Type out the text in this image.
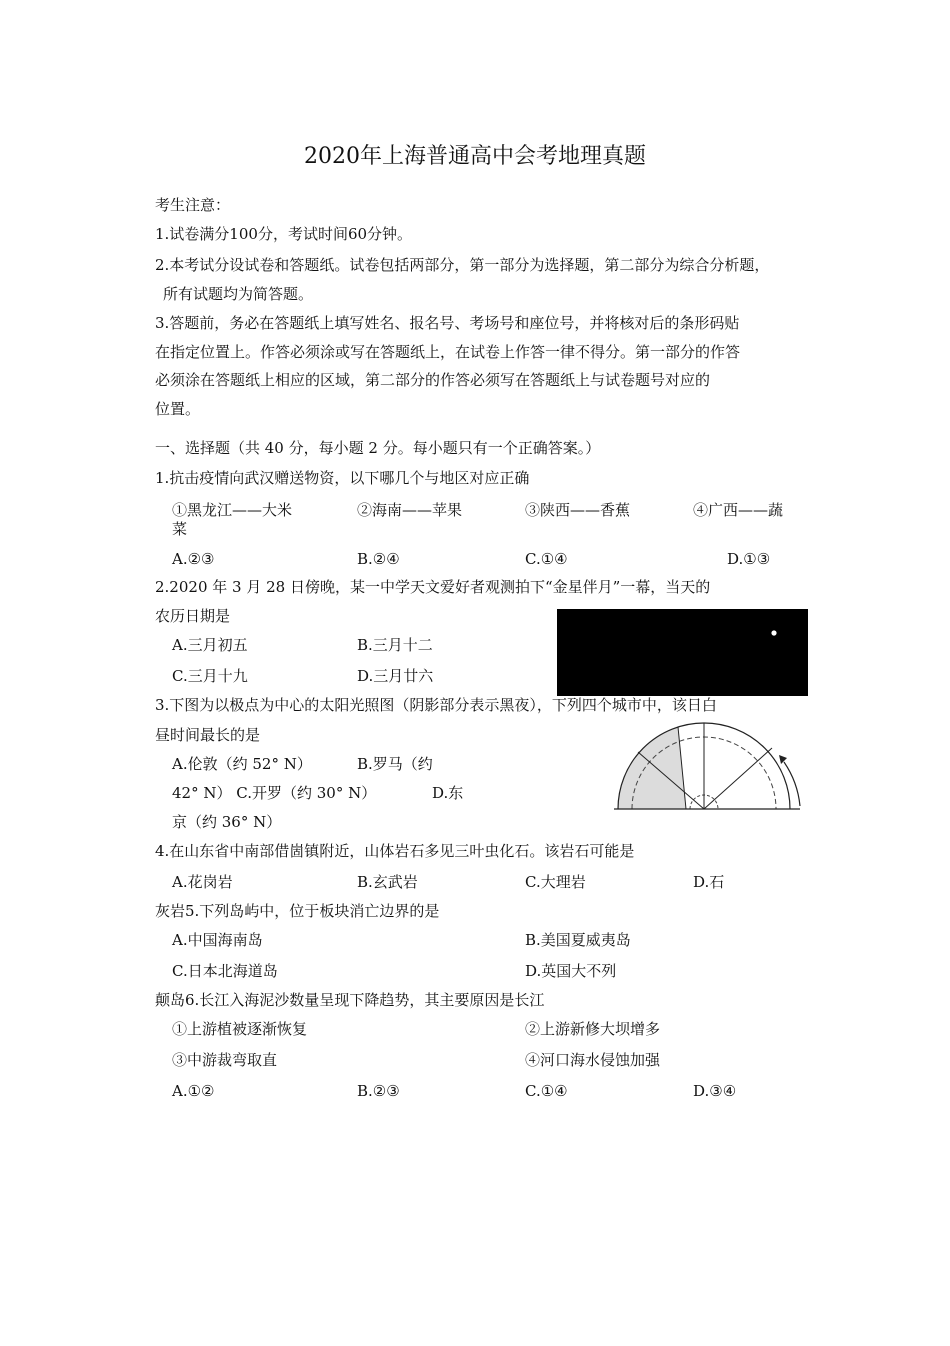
2020年上海普通高中会考地理真题
考生注意：
1.试卷满分100分，考试时间60分钟。
2.本考试分设试卷和答题纸。试卷包括两部分，第一部分为选择题，第二部分为综合分析题，
所有试题均为简答题。
3.答题前，务必在答题纸上填写姓名、报名号、考场号和座位号，并将核对后的条形码贴
在指定位置上。作答必须涂或写在答题纸上，在试卷上作答一律不得分。第一部分的作答
必须涂在答题纸上相应的区域，第二部分的作答必须写在答题纸上与试卷题号对应的
位置。
一、选择题（共 40 分，每小题 2 分。每小题只有一个正确答案。）
1.抗击疫情向武汉赠送物资，以下哪几个与地区对应正确
①黑龙江——大米	②海南——苹果	③陕西——香蕉	④广西——蔬
菜
A.②③	B.②④	C.①④	D.①③
2.2020 年 3 月 28 日傍晚，某一中学天文爱好者观测拍下“金星伴月”一幕，当天的
农历日期是
A.三月初五	B.三月十二
C.三月十九	D.三月廿六
3.下图为以极点为中心的太阳光照图（阴影部分表示黑夜），下列四个城市中，该日白
昼时间最长的是
A.伦敦（约 52° N）	B.罗马（约
42° N） C.开罗（约 30° N）	D.东
京（约 36° N）
4.在山东省中南部借崮镇附近，山体岩石多见三叶虫化石。该岩石可能是
A.花岗岩	B.玄武岩	C.大理岩	D.石
灰岩5.下列岛屿中，位于板块消亡边界的是
A.中国海南岛	B.美国夏威夷岛
C.日本北海道岛	D.英国大不列
颠岛6.长江入海泥沙数量呈现下降趋势，其主要原因是长江
①上游植被逐渐恢复	②上游新修大坝增多
③中游裁弯取直	④河口海水侵蚀加强
A.①②	B.②③	C.①④	D.③④
